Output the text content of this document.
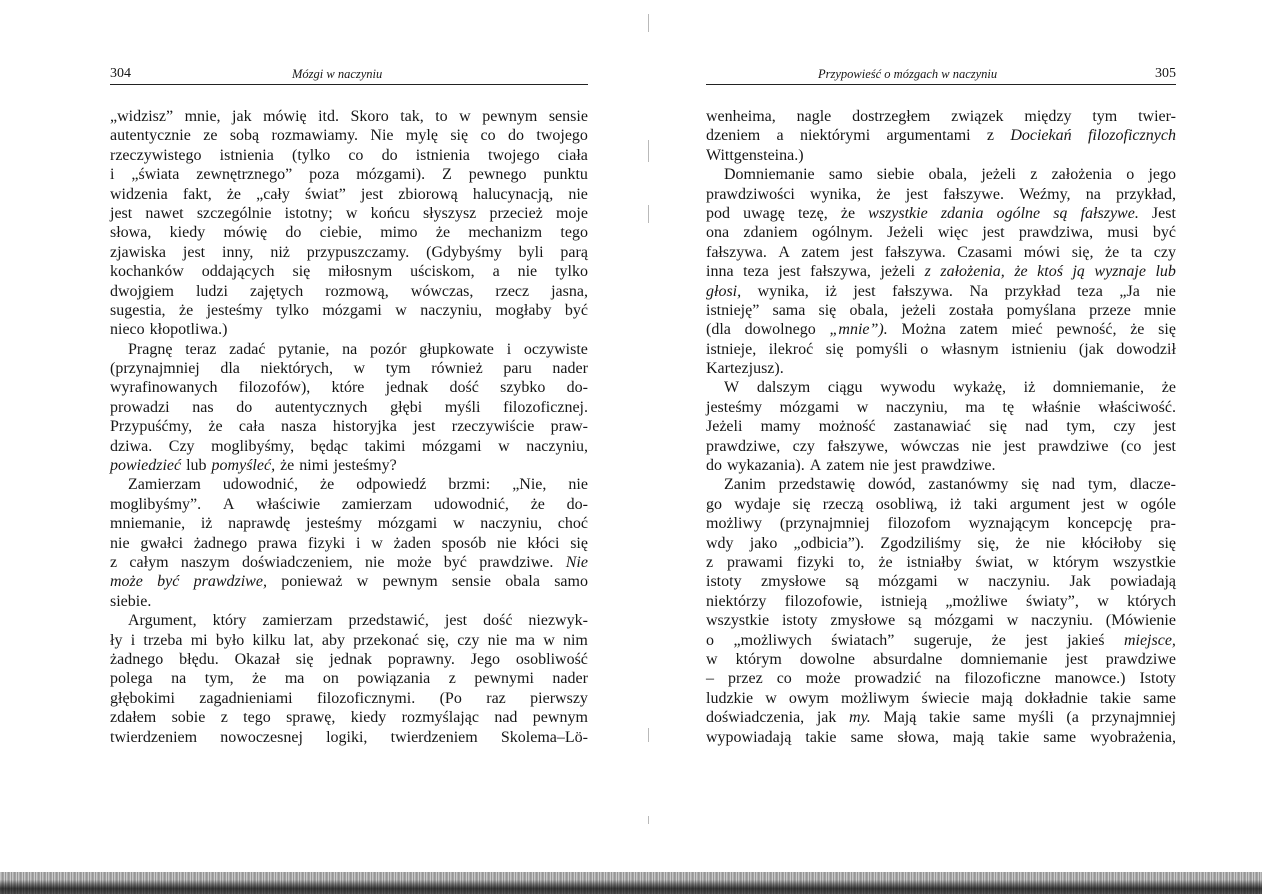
304	Mózgi w naczyniu
„widzisz” mnie, jak mówię itd. Skoro tak, to w pewnym sensie
autentycznie ze sobą rozmawiamy. Nie mylę się co do twojego
rzeczywistego istnienia (tylko co do istnienia twojego ciała
i „świata zewnętrznego” poza mózgami). Z pewnego punktu
widzenia fakt, że „cały świat” jest zbiorową halucynacją, nie
jest nawet szczególnie istotny; w końcu słyszysz przecież moje
słowa, kiedy mówię do ciebie, mimo że mechanizm tego
zjawiska jest inny, niż przypuszczamy. (Gdybyśmy byli parą
kochanków oddających się miłosnym uściskom, a nie tylko
dwojgiem ludzi zajętych rozmową, wówczas, rzecz jasna,
sugestia, że jesteśmy tylko mózgami w naczyniu, mogłaby być
nieco kłopotliwa.)
Pragnę teraz zadać pytanie, na pozór głupkowate i oczywiste
(przynajmniej dla niektórych, w tym również paru nader
wyrafinowanych filozofów), które jednak dość szybko do-
prowadzi nas do autentycznych głębi myśli filozoficznej.
Przypuśćmy, że cała nasza historyjka jest rzeczywiście praw-
dziwa. Czy moglibyśmy, będąc takimi mózgami w naczyniu,
powiedzieć lub pomyśleć, że nimi jesteśmy?
Zamierzam udowodnić, że odpowiedź brzmi: „Nie, nie
moglibyśmy”. A właściwie zamierzam udowodnić, że do-
mniemanie, iż naprawdę jesteśmy mózgami w naczyniu, choć
nie gwałci żadnego prawa fizyki i w żaden sposób nie kłóci się
z całym naszym doświadczeniem, nie może być prawdziwe. Nie
może być prawdziwe, ponieważ w pewnym sensie obala samo
siebie.
Argument, który zamierzam przedstawić, jest dość niezwyk-
ły i trzeba mi było kilku lat, aby przekonać się, czy nie ma w nim
żadnego błędu. Okazał się jednak poprawny. Jego osobliwość
polega na tym, że ma on powiązania z pewnymi nader
głębokimi zagadnieniami filozoficznymi. (Po raz pierwszy
zdałem sobie z tego sprawę, kiedy rozmyślając nad pewnym
twierdzeniem nowoczesnej logiki, twierdzeniem Skolema–Lö-
Przypowieść o mózgach w naczyniu	305
wenheima, nagle dostrzegłem związek między tym twier-
dzeniem a niektórymi argumentami z Dociekań filozoficznych
Wittgensteina.)
Domniemanie samo siebie obala, jeżeli z założenia o jego
prawdziwości wynika, że jest fałszywe. Weźmy, na przykład,
pod uwagę tezę, że wszystkie zdania ogólne są fałszywe. Jest
ona zdaniem ogólnym. Jeżeli więc jest prawdziwa, musi być
fałszywa. A zatem jest fałszywa. Czasami mówi się, że ta czy
inna teza jest fałszywa, jeżeli z założenia, że ktoś ją wyznaje lub
głosi, wynika, iż jest fałszywa. Na przykład teza „Ja nie
istnieję” sama się obala, jeżeli została pomyślana przeze mnie
(dla dowolnego „mnie”). Można zatem mieć pewność, że się
istnieje, ilekroć się pomyśli o własnym istnieniu (jak dowodził
Kartezjusz).
W dalszym ciągu wywodu wykażę, iż domniemanie, że
jesteśmy mózgami w naczyniu, ma tę właśnie właściwość.
Jeżeli mamy możność zastanawiać się nad tym, czy jest
prawdziwe, czy fałszywe, wówczas nie jest prawdziwe (co jest
do wykazania). A zatem nie jest prawdziwe.
Zanim przedstawię dowód, zastanówmy się nad tym, dlacze-
go wydaje się rzeczą osobliwą, iż taki argument jest w ogóle
możliwy (przynajmniej filozofom wyznającym koncepcję pra-
wdy jako „odbicia”). Zgodziliśmy się, że nie kłóciłoby się
z prawami fizyki to, że istniałby świat, w którym wszystkie
istoty zmysłowe są mózgami w naczyniu. Jak powiadają
niektórzy filozofowie, istnieją „możliwe światy”, w których
wszystkie istoty zmysłowe są mózgami w naczyniu. (Mówienie
o „możliwych światach” sugeruje, że jest jakieś miejsce,
w którym dowolne absurdalne domniemanie jest prawdziwe
– przez co może prowadzić na filozoficzne manowce.) Istoty
ludzkie w owym możliwym świecie mają dokładnie takie same
doświadczenia, jak my. Mają takie same myśli (a przynajmniej
wypowiadają takie same słowa, mają takie same wyobrażenia,
